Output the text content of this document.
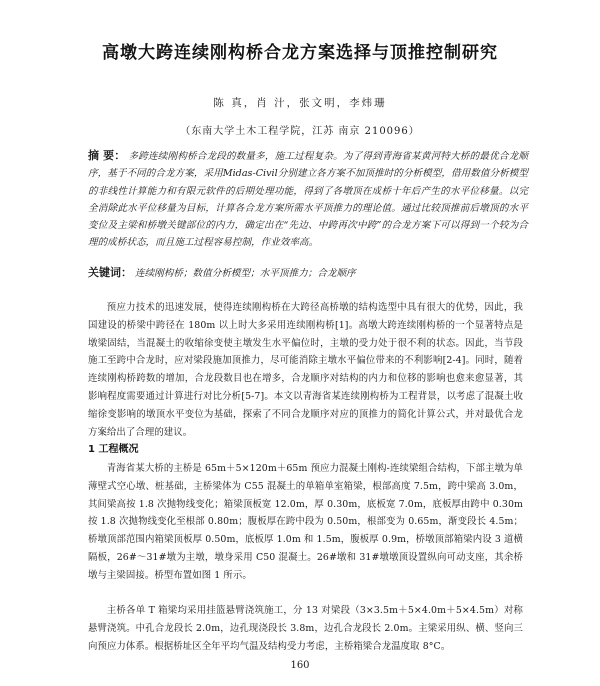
高墩大跨连续刚构桥合龙方案选择与顶推控制研究
陈 真，肖 汁，张文明，李炜珊
（东南大学土木工程学院，江苏 南京 210096）
摘 要： 多跨连续刚构桥合龙段的数量多，施工过程复杂。为了得到青海省某黄河特大桥的最优合龙顺序，基于不同的合龙方案，采用Midas-Civil分别建立各方案不加顶推时的分析模型，借用数值分析模型的非线性计算能力和有限元软件的后期处理功能，得到了各墩顶在成桥十年后产生的水平位移量。以完全消除此水平位移量为目标，计算各合龙方案所需水平顶推力的理论值。通过比较顶推前后墩顶的水平变位及主梁和桥墩关键部位的内力，确定出在“先边、中跨再次中跨”的合龙方案下可以得到一个较为合理的成桥状态，而且施工过程容易控制，作业效率高。
关键词： 连续刚构桥；数值分析模型；水平顶推力；合龙顺序
预应力技术的迅速发展，使得连续刚构桥在大跨径高桥墩的结构选型中具有很大的优势，因此，我国建设的桥梁中跨径在 180m 以上时大多采用连续刚构桥[1]。高墩大跨连续刚构桥的一个显著特点是墩梁固结，当混凝土的收缩徐变使主墩发生水平偏位时，主墩的受力处于很不利的状态。因此，当节段施工至跨中合龙时，应对梁段施加顶推力，尽可能消除主墩水平偏位带来的不利影响[2-4]。同时，随着连续刚构桥跨数的增加，合龙段数目也在增多，合龙顺序对结构的内力和位移的影响也愈来愈显著，其影响程度需要通过计算进行对比分析[5-7]。本文以青海省某连续刚构桥为工程背景，以考虑了混凝土收缩徐变影响的墩顶水平变位为基础，探索了不同合龙顺序对应的顶推力的简化计算公式，并对最优合龙方案给出了合理的建议。
1 工程概况
青海省某大桥的主桥是 65m＋5×120m＋65m 预应力混凝土刚构-连续梁组合结构，下部主墩为单薄壁式空心墩、桩基础，主桥梁体为 C55 混凝土的单箱单室箱梁，根部高度 7.5m，跨中梁高 3.0m，其间梁高按 1.8 次抛物线变化；箱梁顶板宽 12.0m，厚 0.30m，底板宽 7.0m，底板厚由跨中 0.30m 按 1.8 次抛物线变化至根部 0.80m；腹板厚在跨中段为 0.50m，根部变为 0.65m，渐变段长 4.5m；桥墩顶部范围内箱梁顶板厚 0.50m，底板厚 1.0m 和 1.5m，腹板厚 0.9m，桥墩顶部箱梁内设 3 道横隔板，26#～31#墩为主墩，墩身采用 C50 混凝土。26#墩和 31#墩墩顶设置纵向可动支座，其余桥墩与主梁固接。桥型布置如图 1 所示。
主桥各单 T 箱梁均采用挂篮悬臂浇筑施工，分 13 对梁段（3×3.5m＋5×4.0m＋5×4.5m）对称悬臂浇筑。中孔合龙段长 2.0m，边孔现浇段长 3.8m，边孔合龙段长 2.0m。主梁采用纵、横、竖向三向预应力体系。根据桥址区全年平均气温及结构受力考虑，主桥箱梁合龙温度取 8°C。
160
